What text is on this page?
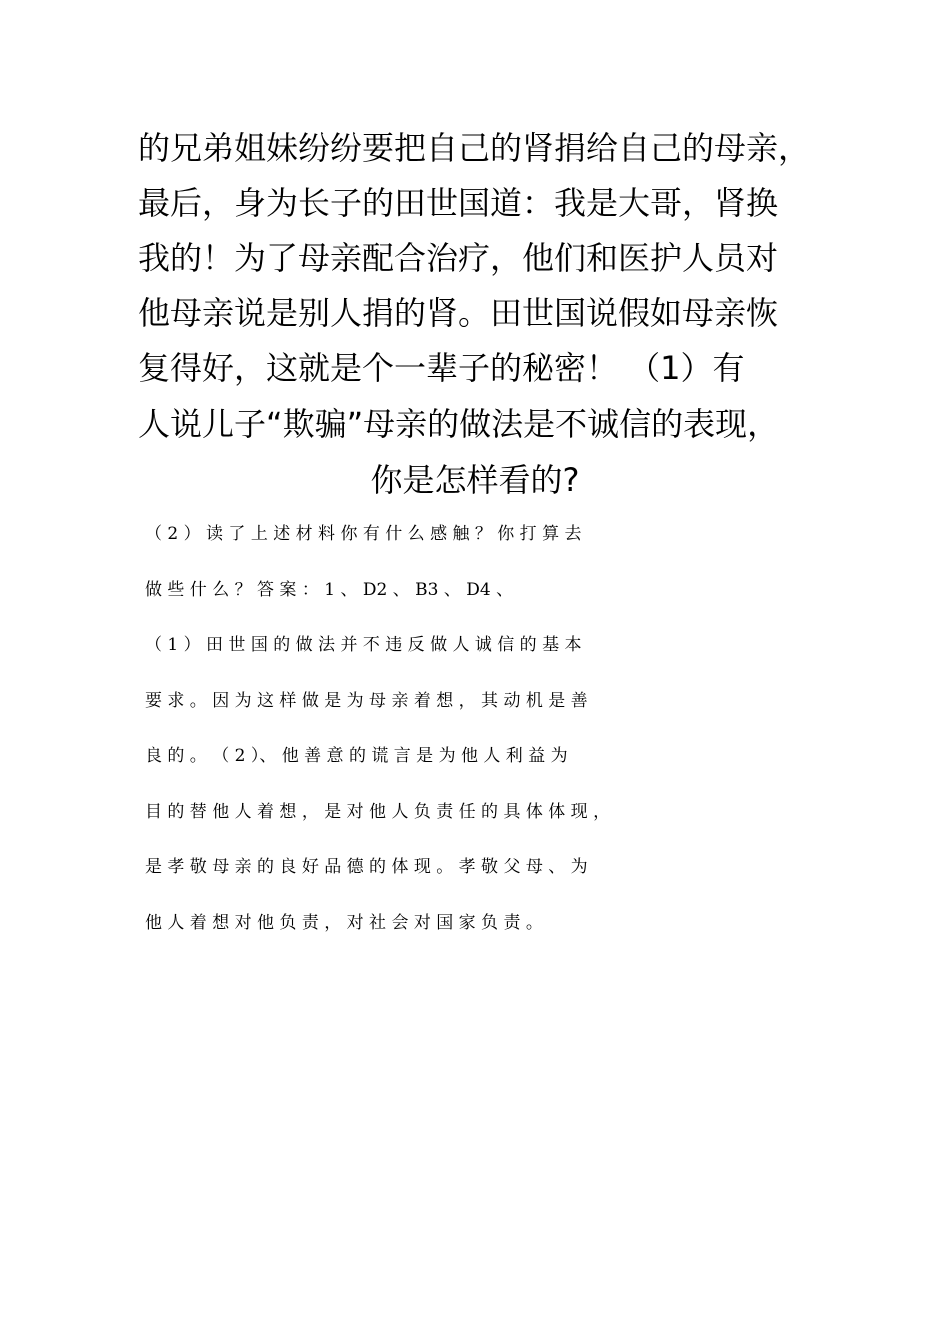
的兄弟姐妹纷纷要把自己的肾捐给自己的母亲，
最后，身为长子的田世国道：我是大哥，肾换
我的！为了母亲配合治疗，他们和医护人员对
他母亲说是别人捐的肾。田世国说假如母亲恢
复得好，这就是个一辈子的秘密！ （1）有
人说儿子“欺骗”母亲的做法是不诚信的表现，
你是怎样看的?
（ 2 ） 读 了 上 述 材 料 你 有 什 么 感 触 ？ 你 打 算 去
做 些 什 么 ？ 答 案 ： 1 、 D2 、 B3 、 D4 、
（ 1 ） 田 世 国 的 做 法 并 不 违 反 做 人 诚 信 的 基 本
要 求 。 因 为 这 样 做 是 为 母 亲 着 想 ， 其 动 机 是 善
良 的 。 （ 2 ）、 他 善 意 的 谎 言 是 为 他 人 利 益 为
目 的 替 他 人 着 想 ， 是 对 他 人 负 责 任 的 具 体 体 现 ，
是 孝 敬 母 亲 的 良 好 品 德 的 体 现 。 孝 敬 父 母 、 为
他 人 着 想 对 他 负 责 ， 对 社 会 对 国 家 负 责 。
